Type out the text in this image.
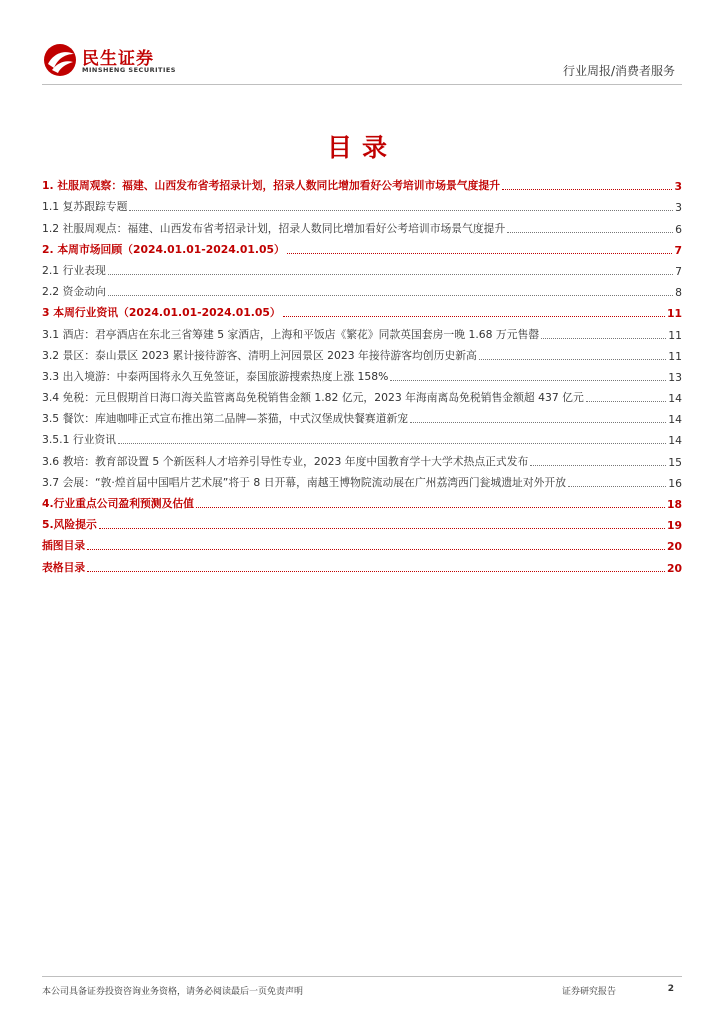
民生证券
MINSHENG SECURITIES	行业周报/消费者服务
目录
1. 社服周观察：福建、山西发布省考招录计划，招录人数同比增加看好公考培训市场景气度提升	3
1.1 复苏跟踪专题	3
1.2 社服周观点：福建、山西发布省考招录计划，招录人数同比增加看好公考培训市场景气度提升	6
2. 本周市场回顾（2024.01.01-2024.01.05）	7
2.1 行业表现	7
2.2 资金动向	8
3 本周行业资讯（2024.01.01-2024.01.05）	11
3.1 酒店：君亭酒店在东北三省筹建 5 家酒店，上海和平饭店《繁花》同款英国套房一晚 1.68 万元售罄	11
3.2 景区：泰山景区 2023 累计接待游客、清明上河园景区 2023 年接待游客均创历史新高	11
3.3 出入境游：中泰两国将永久互免签证，泰国旅游搜索热度上涨 158%	13
3.4 免税：元旦假期首日海口海关监管离岛免税销售金额 1.82 亿元，2023 年海南离岛免税销售金额超 437 亿元	14
3.5 餐饮：库迪咖啡正式宣布推出第二品牌—茶猫，中式汉堡成快餐赛道新宠	14
3.5.1 行业资讯	14
3.6 教培：教育部设置 5 个新医科人才培养引导性专业，2023 年度中国教育学十大学术热点正式发布	15
3.7 会展：“敦·煌首届中国唱片艺术展”将于 8 日开幕，南越王博物院流动展在广州荔湾西门瓮城遗址对外开放	16
4.行业重点公司盈利预测及估值	18
5.风险提示	19
插图目录	20
表格目录	20
本公司具备证券投资咨询业务资格，请务必阅读最后一页免责声明	证券研究报告	2
